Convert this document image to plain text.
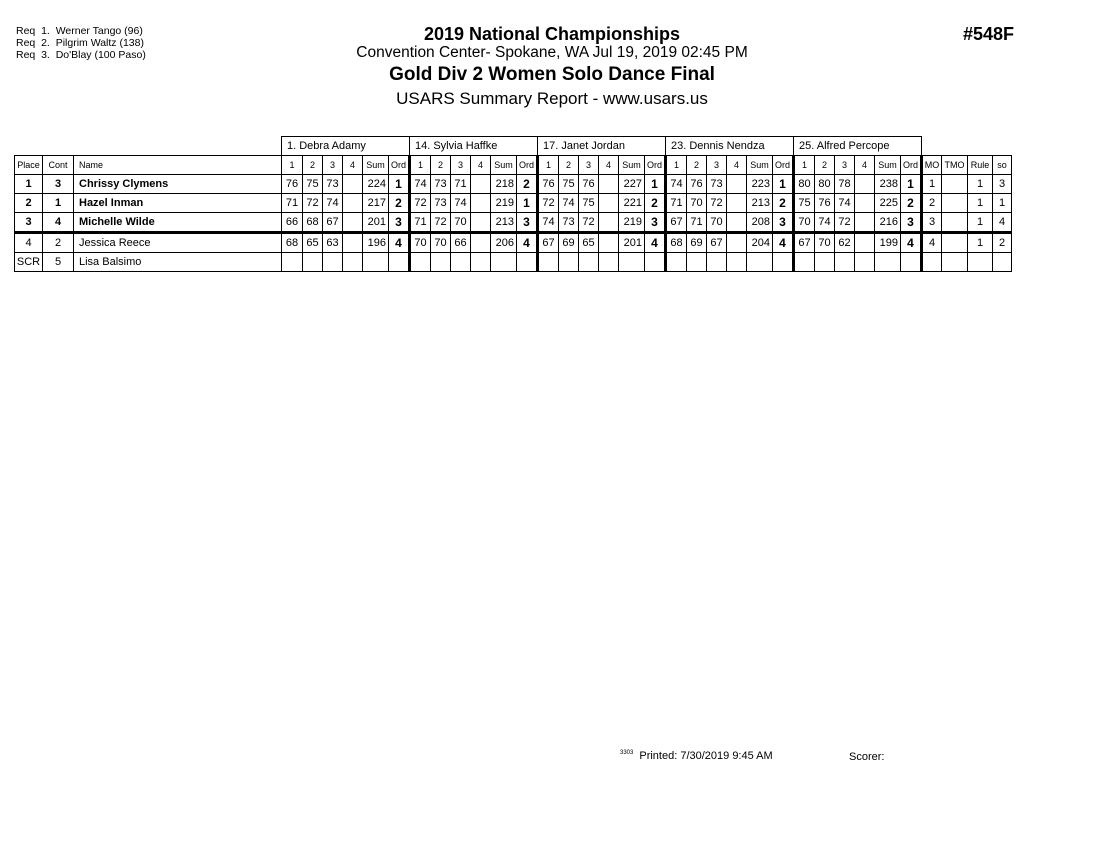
Req  1.  Werner Tango (96)
Req  2.  Pilgrim Waltz (138)
Req  3.  Do'Blay (100 Paso)
2019 National Championships
Convention Center- Spokane, WA Jul 19, 2019 02:45 PM
Gold Div 2 Women Solo Dance Final
USARS Summary Report - www.usars.us
#548F
			1. Debra Adamy						14. Sylvia Haffke						17. Janet Jordan						23. Dennis Nendza						25. Alfred Percope									
Place	Cont	Name	1	2	3	4	Sum	Ord	1	2	3	4	Sum	Ord	1	2	3	4	Sum	Ord	1	2	3	4	Sum	Ord	1	2	3	4	Sum	Ord	MO	TMO	Rule	so
1	3	Chrissy Clymens	76	75	73		224	1	74	73	71		218	2	76	75	76		227	1	74	76	73		223	1	80	80	78		238	1	1		1	3
2	1	Hazel Inman	71	72	74		217	2	72	73	74		219	1	72	74	75		221	2	71	70	72		213	2	75	76	74		225	2	2		1	1
3	4	Michelle Wilde	66	68	67		201	3	71	72	70		213	3	74	73	72		219	3	67	71	70		208	3	70	74	72		216	3	3		1	4
4	2	Jessica Reece	68	65	63		196	4	70	70	66		206	4	67	69	65		201	4	68	69	67		204	4	67	70	62		199	4	4		1	2
SCR	5	Lisa Balsimo																																		
$^{3303}$ Printed: 7/30/2019 9:45 AM	Scorer:
